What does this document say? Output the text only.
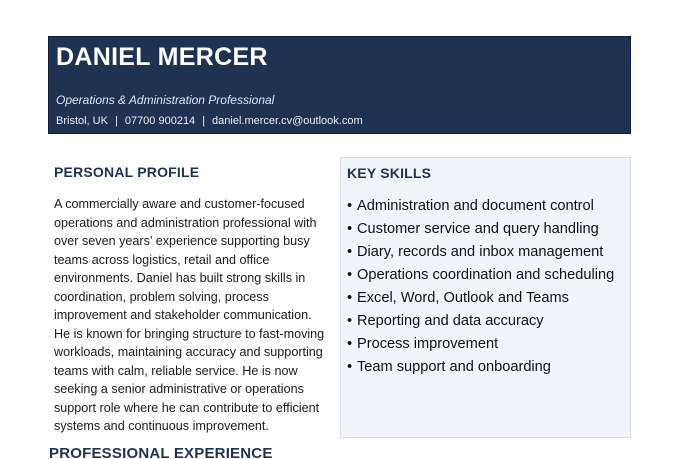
DANIEL MERCER
Operations & Administration Professional
Bristol, UK | 07700 900214 | daniel.mercer.cv@outlook.com
PERSONAL PROFILE
A commercially aware and customer-focused
operations and administration professional with
over seven years’ experience supporting busy
teams across logistics, retail and office
environments. Daniel has built strong skills in
coordination, problem solving, process
improvement and stakeholder communication.
He is known for bringing structure to fast-moving
workloads, maintaining accuracy and supporting
teams with calm, reliable service. He is now
seeking a senior administrative or operations
support role where he can contribute to efficient
systems and continuous improvement.
KEY SKILLS
• Administration and document control
• Customer service and query handling
• Diary, records and inbox management
• Operations coordination and scheduling
• Excel, Word, Outlook and Teams
• Reporting and data accuracy
• Process improvement
• Team support and onboarding
PROFESSIONAL EXPERIENCE
